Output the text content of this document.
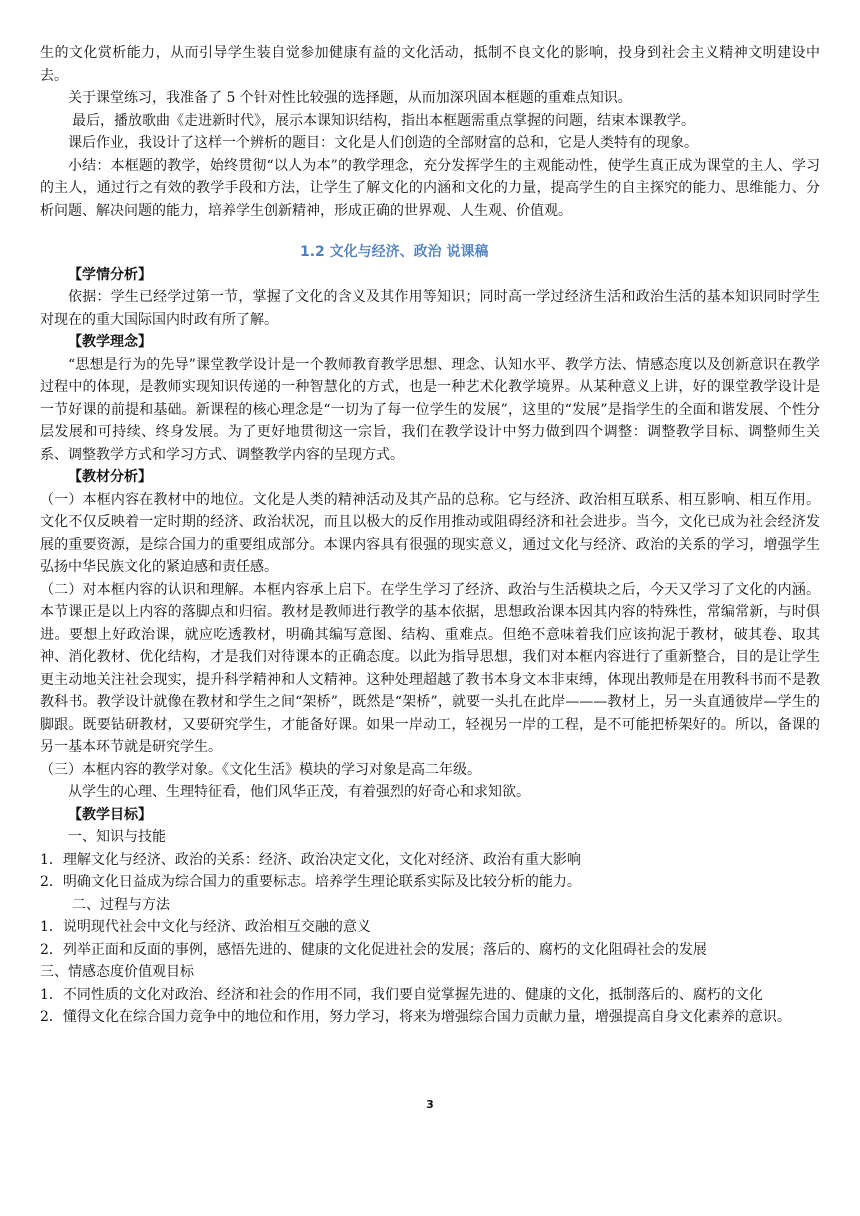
生的文化赏析能力，从而引导学生装自觉参加健康有益的文化活动，抵制不良文化的影响，投身到社会主义精神文明建设中去。

关于课堂练习，我准备了 5 个针对性比较强的选择题，从而加深巩固本框题的重难点知识。

最后，播放歌曲《走进新时代》，展示本课知识结构，指出本框题需重点掌握的问题，结束本课教学。

课后作业，我设计了这样一个辨析的题目：文化是人们创造的全部财富的总和，它是人类特有的现象。

小结：本框题的教学，始终贯彻“以人为本”的教学理念，充分发挥学生的主观能动性，使学生真正成为课堂的主人、学习的主人，通过行之有效的教学手段和方法，让学生了解文化的内涵和文化的力量，提高学生的自主探究的能力、思维能力、分析问题、解决问题的能力，培养学生创新精神，形成正确的世界观、人生观、价值观。

1.2 文化与经济、政治 说课稿

【学情分析】

依据：学生已经学过第一节，掌握了文化的含义及其作用等知识；同时高一学过经济生活和政治生活的基本知识同时学生对现在的重大国际国内时政有所了解。

【教学理念】

“思想是行为的先导”课堂教学设计是一个教师教育教学思想、理念、认知水平、教学方法、情感态度以及创新意识在教学过程中的体现，是教师实现知识传递的一种智慧化的方式，也是一种艺术化教学境界。从某种意义上讲，好的课堂教学设计是一节好课的前提和基础。新课程的核心理念是“一切为了每一位学生的发展”，这里的“发展”是指学生的全面和谐发展、个性分层发展和可持续、终身发展。为了更好地贯彻这一宗旨，我们在教学设计中努力做到四个调整：调整教学目标、调整师生关系、调整教学方式和学习方式、调整教学内容的呈现方式。

【教材分析】

（一）本框内容在教材中的地位。文化是人类的精神活动及其产品的总称。它与经济、政治相互联系、相互影响、相互作用。文化不仅反映着一定时期的经济、政治状况，而且以极大的反作用推动或阻碍经济和社会进步。当今，文化已成为社会经济发展的重要资源，是综合国力的重要组成部分。本课内容具有很强的现实意义，通过文化与经济、政治的关系的学习，增强学生弘扬中华民族文化的紧迫感和责任感。

（二）对本框内容的认识和理解。本框内容承上启下。在学生学习了经济、政治与生活模块之后，今天又学习了文化的内涵。本节课正是以上内容的落脚点和归宿。教材是教师进行教学的基本依据，思想政治课本因其内容的特殊性，常编常新，与时俱进。要想上好政治课，就应吃透教材，明确其编写意图、结构、重难点。但绝不意味着我们应该拘泥于教材，破其卷、取其神、消化教材、优化结构，才是我们对待课本的正确态度。以此为指导思想，我们对本框内容进行了重新整合，目的是让学生更主动地关注社会现实，提升科学精神和人文精神。这种处理超越了教书本身文本非束缚，体现出教师是在用教科书而不是教教科书。教学设计就像在教材和学生之间“架桥”，既然是“架桥”，就要一头扎在此岸———教材上，另一头直通彼岸—学生的脚跟。既要钻研教材，又要研究学生，才能备好课。如果一岸动工，轻视另一岸的工程，是不可能把桥架好的。所以，备课的另一基本环节就是研究学生。

（三）本框内容的教学对象。《文化生活》模块的学习对象是高二年级。

从学生的心理、生理特征看，他们风华正茂，有着强烈的好奇心和求知欲。

【教学目标】

一、知识与技能

1．理解文化与经济、政治的关系：经济、政治决定文化，文化对经济、政治有重大影响

2．明确文化日益成为综合国力的重要标志。培养学生理论联系实际及比较分析的能力。

二、过程与方法

1．说明现代社会中文化与经济、政治相互交融的意义

2．列举正面和反面的事例，感悟先进的、健康的文化促进社会的发展；落后的、腐朽的文化阻碍社会的发展

三、情感态度价值观目标

1．不同性质的文化对政治、经济和社会的作用不同，我们要自觉掌握先进的、健康的文化，抵制落后的、腐朽的文化

2．懂得文化在综合国力竞争中的地位和作用，努力学习，将来为增强综合国力贡献力量，增强提高自身文化素养的意识。

3
